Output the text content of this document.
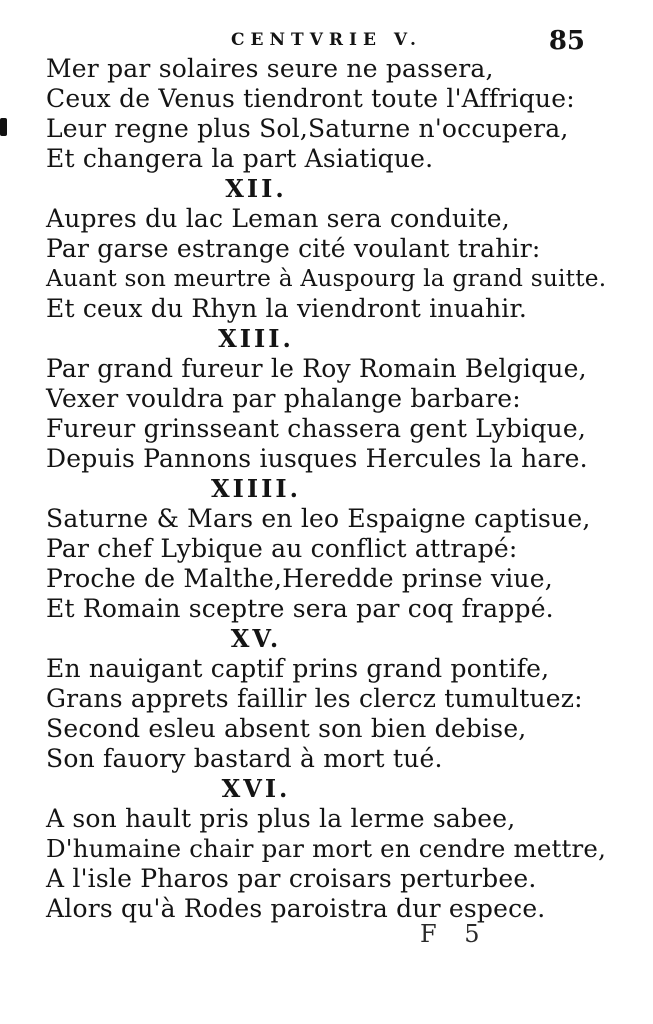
CENTVRIE V.	85
Mer par solaires seure ne passera,
Ceux de Venus tiendront toute l'Affrique:
Leur regne plus Sol,Saturne n'occupera,
Et changera la part Asiatique.
XII.
Aupres du lac Leman sera conduite,
Par garse estrange cité voulant trahir:
Auant son meurtre à Auspourg la grand suitte.
Et ceux du Rhyn la viendront inuahir.
XIII.
Par grand fureur le Roy Romain Belgique,
Vexer vouldra par phalange barbare:
Fureur grinsseant chassera gent Lybique,
Depuis Pannons iusques Hercules la hare.
XIIII.
Saturne & Mars en leo Espaigne captisue,
Par chef Lybique au conflict attrapé:
Proche de Malthe,Heredde prinse viue,
Et Romain sceptre sera par coq frappé.
XV.
En nauigant captif prins grand pontife,
Grans apprets faillir les clercz tumultuez:
Second esleu absent son bien debise,
Son fauory bastard à mort tué.
XVI.
A son hault pris plus la lerme sabee,
D'humaine chair par mort en cendre mettre,
A l'isle Pharos par croisars perturbee.
Alors qu'à Rodes paroistra dur espece.
F 5
